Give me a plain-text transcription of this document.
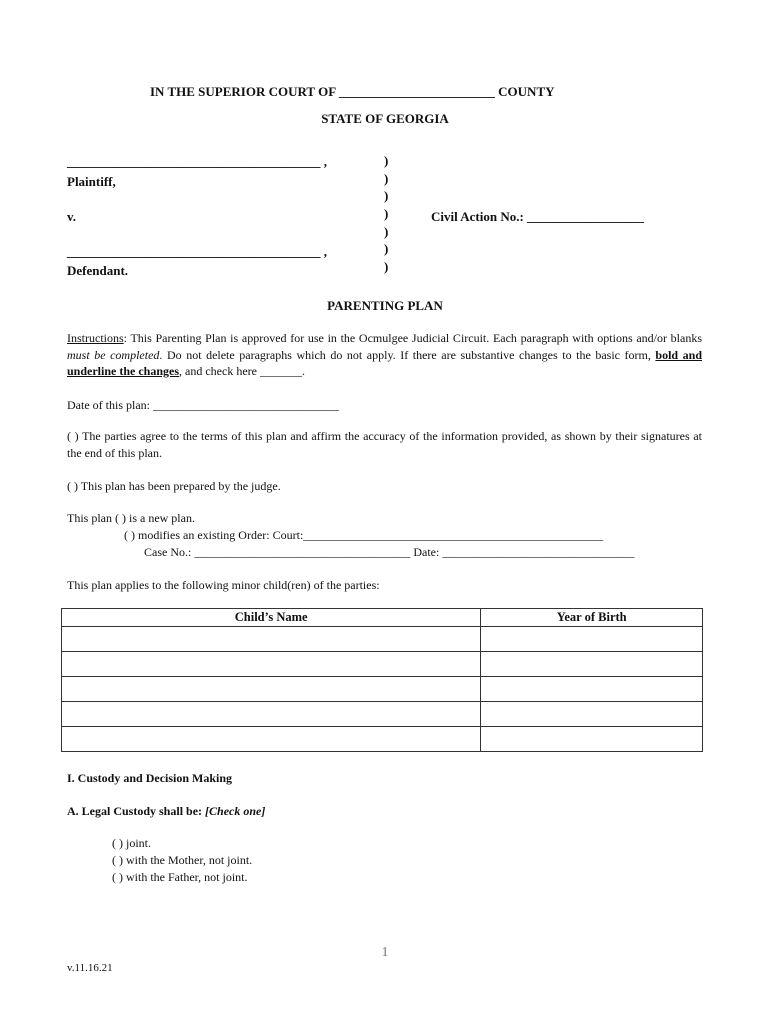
IN THE SUPERIOR COURT OF ________________________ COUNTY
STATE OF GEORGIA
_______________________________________ ,
Plaintiff,
v.
_______________________________________ ,
Defendant.
)
)
)
)
)
)
)
Civil Action No.: __________________
PARENTING PLAN
Instructions: This Parenting Plan is approved for use in the Ocmulgee Judicial Circuit. Each paragraph with options and/or blanks must be completed. Do not delete paragraphs which do not apply. If there are substantive changes to the basic form, bold and underline the changes, and check here _______.
Date of this plan: _______________________________
( ) The parties agree to the terms of this plan and affirm the accuracy of the information provided, as shown by their signatures at the end of this plan.
( ) This plan has been prepared by the judge.
This plan ( ) is a new plan.
( ) modifies an existing Order: Court:__________________________________________________
Case No.: ____________________________________ Date: ________________________________
This plan applies to the following minor child(ren) of the parties:
Child’s Name	Year of Birth

I. Custody and Decision Making
A. Legal Custody shall be: [Check one]
( ) joint.
( ) with the Mother, not joint.
( ) with the Father, not joint.
1
v.11.16.21
